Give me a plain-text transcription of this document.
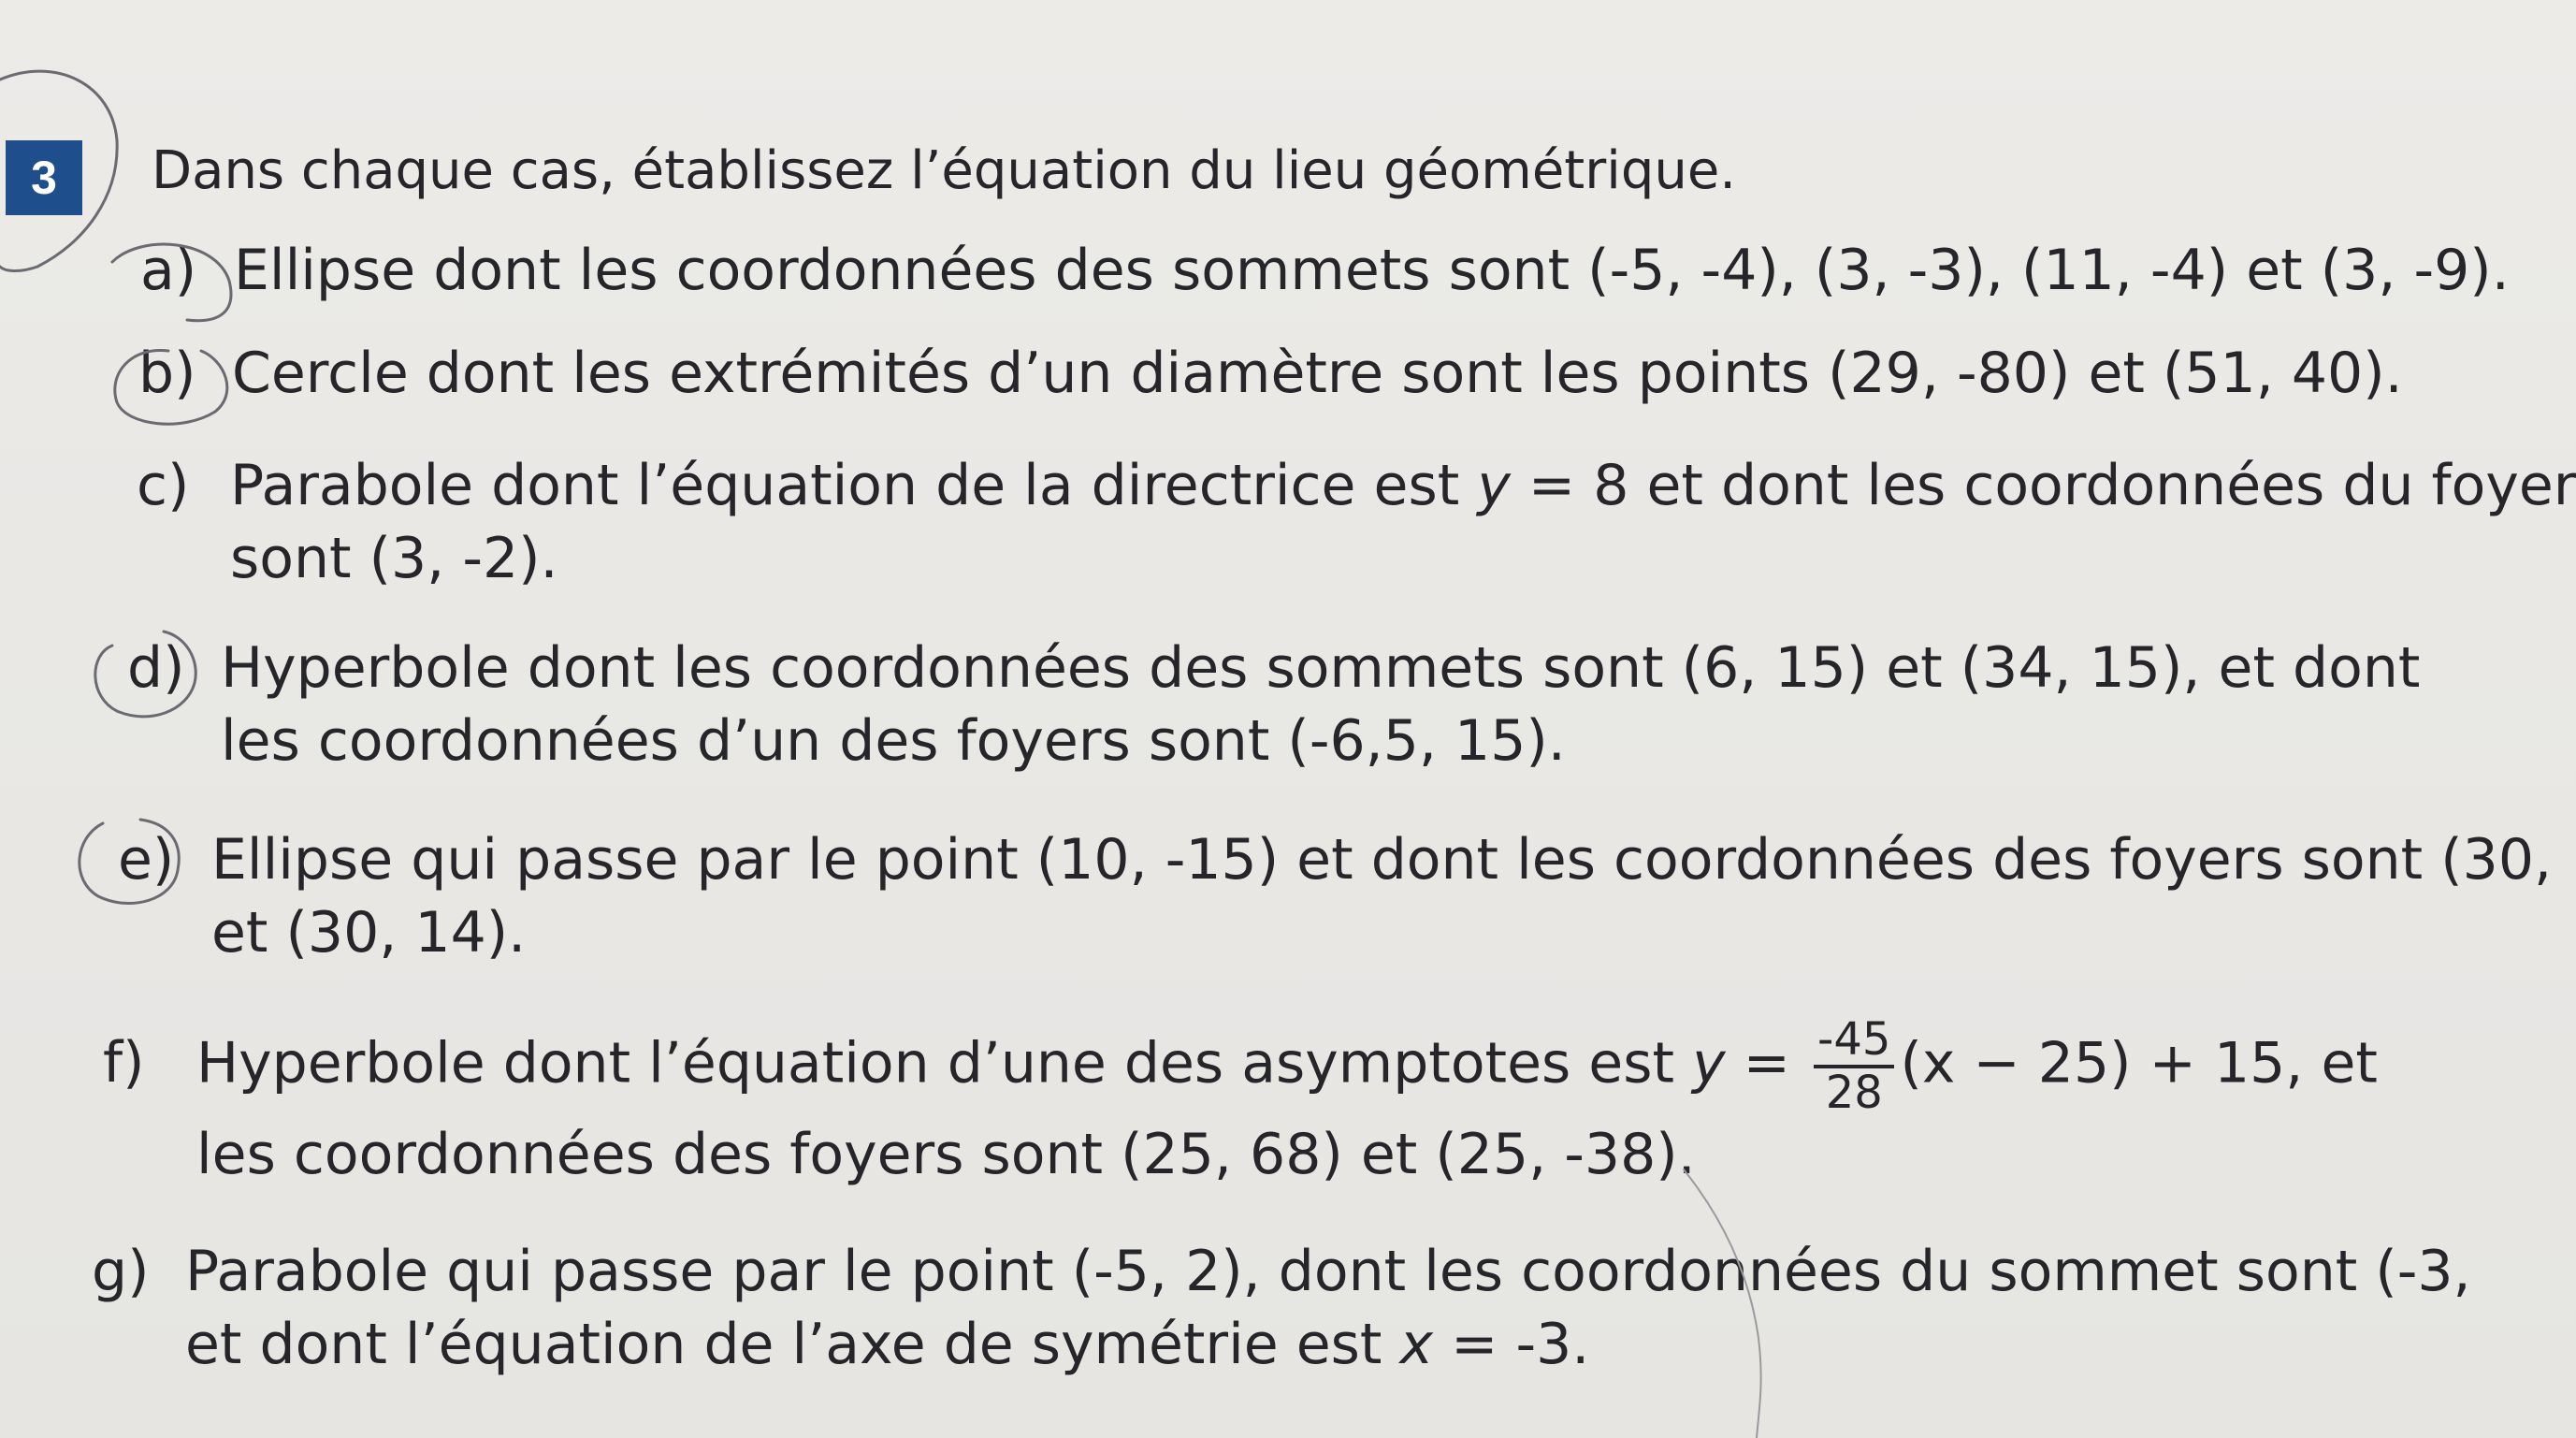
3	Dans chaque cas, établissez l’équation du lieu géométrique.
a) Ellipse dont les coordonnées des sommets sont (-5, -4), (3, -3), (11, -4) et (3, -9).
b) Cercle dont les extrémités d’un diamètre sont les points (29, -80) et (51, 40).
c) Parabole dont l’équation de la directrice est y = 8 et dont les coordonnées du foyer
sont (3, -2).
d) Hyperbole dont les coordonnées des sommets sont (6, 15) et (34, 15), et dont
les coordonnées d’un des foyers sont (-6,5, 15).
e) Ellipse qui passe par le point (10, -15) et dont les coordonnées des foyers sont (30,
et (30, 14).
f) Hyperbole dont l’équation d’une des asymptotes est $y = \frac{-45}{28} (x - 25) + 15$, et
les coordonnées des foyers sont (25, 68) et (25, -38).
g) Parabole qui passe par le point (-5, 2), dont les coordonnées du sommet sont (-3,
et dont l’équation de l’axe de symétrie est x = -3.
